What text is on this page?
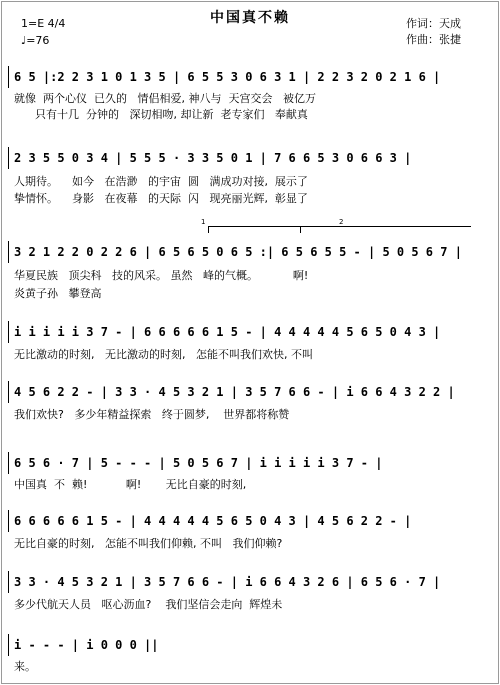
1=E 4/4
♩=76
中国真不赖	作词：天成
作曲：张捷
1	2
6 5 |:2 2 3 1 0 1 3 5 | 6 5 5 3 0 6 3 1 | 2 2 3 2 0 2 1 6 |
就像  两个心仪  已久的   情侣相爱, 神八与  天宫交会   被亿万
只有十几  分钟的   深切相吻, 却让新  老专家们   奉献真
2 3 5 5 0 3 4 | 5 5 5 · 3 3 5 0 1 | 7 6 6 5 3 0 6 6 3 |
人期待。    如今   在浩渺   的宇宙  圆   满成功对接,  展示了
挚情怀。    身影   在夜幕   的天际  闪   现亮丽光辉,  彰显了
3 2 1 2 2 0 2 2 6 | 6 5 6 5 0 6 5 :| 6 5 6 5 5 - | 5 0 5 6 7 |
华夏民族   顶尖科   技的风采。 虽然   峰的气概。          啊!
炎黄子孙   攀登高
i i i i i 3 7 - | 6 6 6 6 6 1 5 - | 4 4 4 4 4 5 6 5 0 4 3 |
无比激动的时刻,   无比激动的时刻,   怎能不叫我们欢快, 不叫
4 5 6 2 2 - | 3 3 · 4 5 3 2 1 | 3 5 7 6 6 - | i 6 6 4 3 2 2 |
我们欢快?   多少年精益探索   终于圆梦,    世界都将称赞
6 5 6 · 7 | 5 - - - | 5 0 5 6 7 | i i i i i 3 7 - |
中国真  不  赖!           啊!       无比自豪的时刻,
6 6 6 6 6 1 5 - | 4 4 4 4 4 5 6 5 0 4 3 | 4 5 6 2 2 - |
无比自豪的时刻,   怎能不叫我们仰赖, 不叫   我们仰赖?
3 3 · 4 5 3 2 1 | 3 5 7 6 6 - | i 6 6 4 3 2 6 | 6 5 6 · 7 |
多少代航天人员   呕心沥血?    我们坚信会走向  辉煌未
i - - - | i 0 0 0 ||
来。
